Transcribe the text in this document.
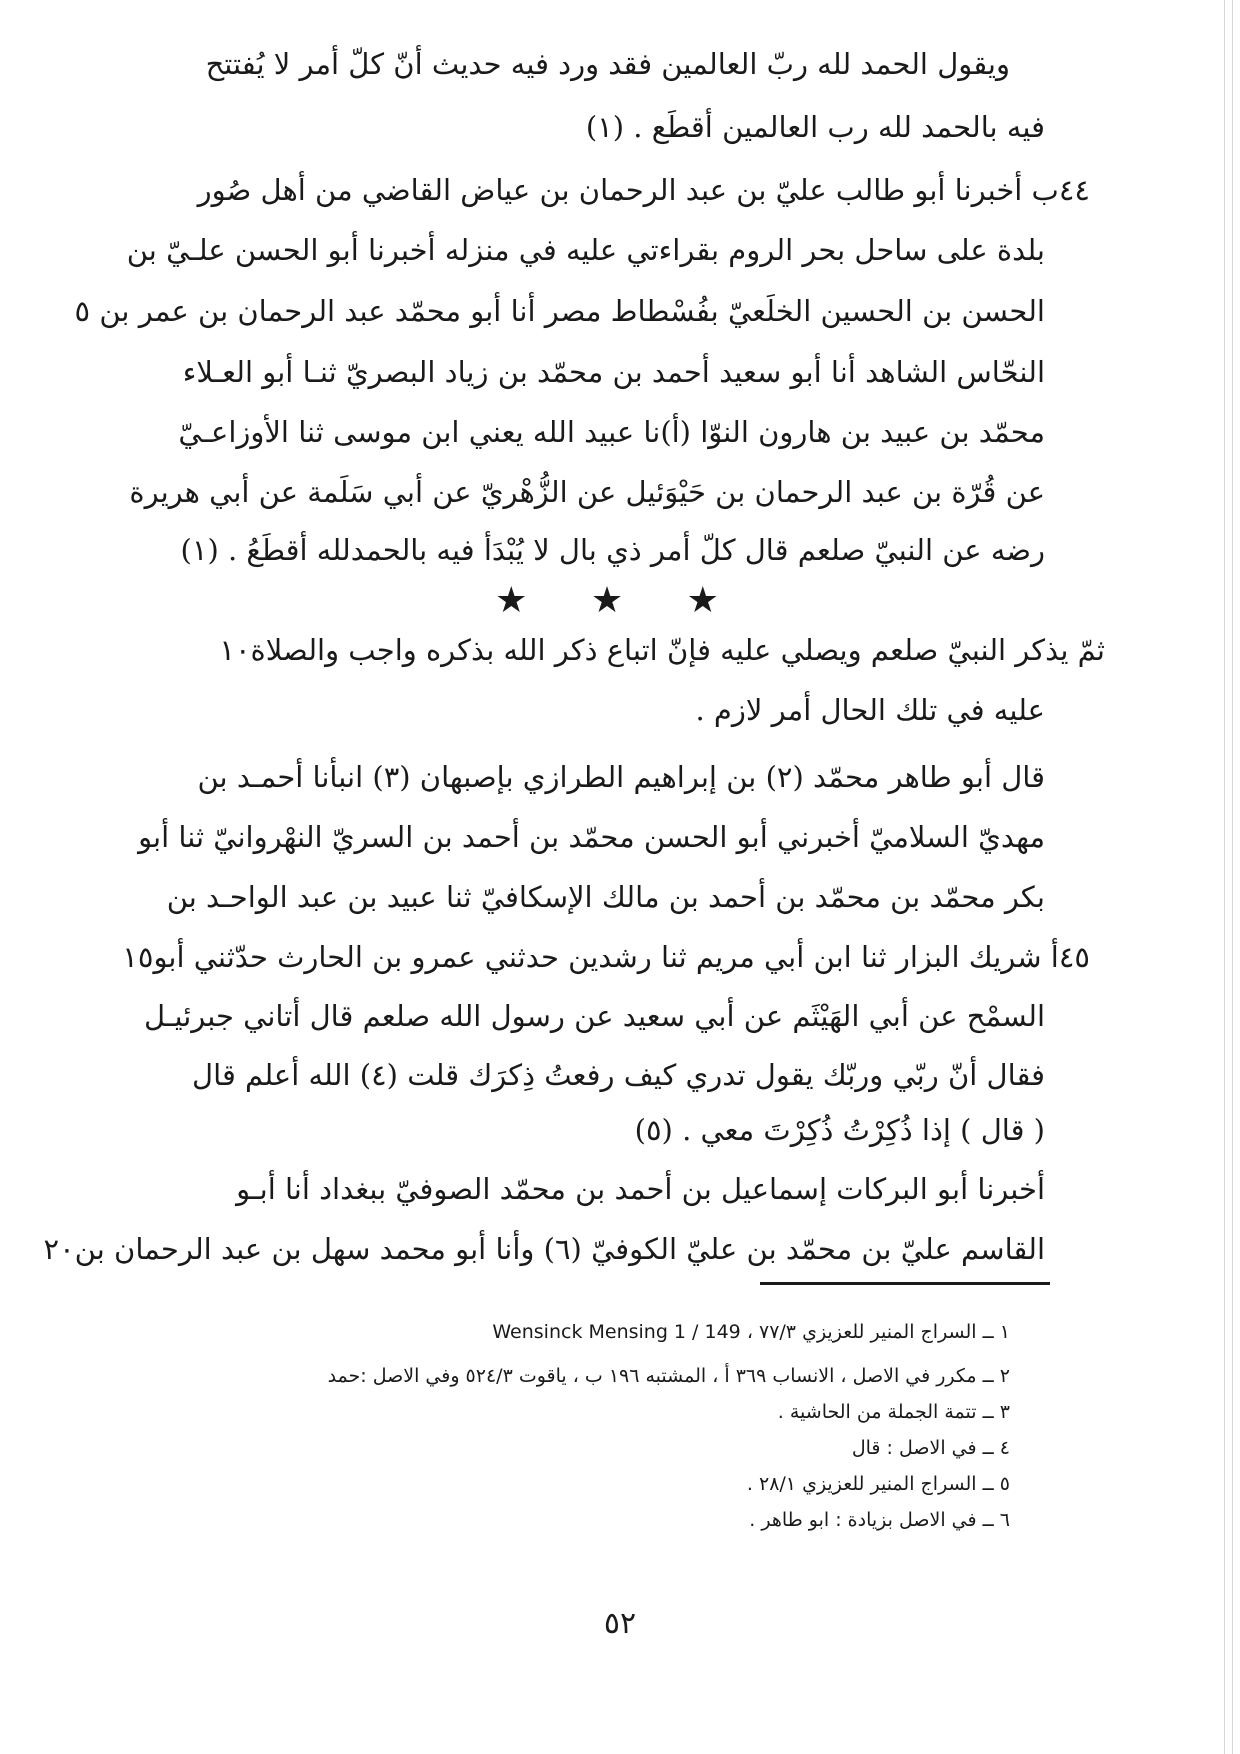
ويقول الحمد لله ربّ العالمين فقد ورد فيه حديث أنّ كلّ أمر لا يُفتتح
فيه بالحمد لله رب العالمين أقطَع . (١)
٤٤ب أخبرنا أبو طالب عليّ بن عبد الرحمان بن عياض القاضي من أهل صُور
بلدة على ساحل بحر الروم بقراءتي عليه في منزله أخبرنا أبو الحسن علـيّ بن
الحسن بن الحسين الخلَعيّ بفُسْطاط مصر أنا أبو محمّد عبد الرحمان بن عمر بن ٥
النحّاس الشاهد أنا أبو سعيد أحمد بن محمّد بن زياد البصريّ ثنـا أبو العـلاء
محمّد بن عبيد بن هارون النوّا (أ)نا عبيد الله يعني ابن موسى ثنا الأوزاعـيّ
عن قُرّة بن عبد الرحمان بن حَيْوَئيل عن الزُّهْريّ عن أبي سَلَمة عن أبي هريرة
رضه عن النبيّ صلعم قال كلّ أمر ذي بال لا يُبْدَأ فيه بالحمدلله أقطَعُ . (١)
★ ★ ★
ثمّ يذكر النبيّ صلعم ويصلي عليه فإنّ اتباع ذكر الله بذكره واجب والصلاة١٠
عليه في تلك الحال أمر لازم .
قال أبو طاهر محمّد (٢) بن إبراهيم الطرازي بإصبهان (٣) انبأنا أحمـد بن
مهديّ السلاميّ أخبرني أبو الحسن محمّد بن أحمد بن السريّ النهْروانيّ ثنا أبو
بكر محمّد بن محمّد بن أحمد بن مالك الإسكافيّ ثنا عبيد بن عبد الواحـد بن
٤٥أ شريك البزار ثنا ابن أبي مريم ثنا رشدين حدثني عمرو بن الحارث حدّثني أبو١٥
السمْح عن أبي الهَيْثَم عن أبي سعيد عن رسول الله صلعم قال أتاني جبرئيـل
فقال أنّ ربّي وربّك يقول تدري كيف رفعتُ ذِكرَك قلت (٤) الله أعلم قال
( قال ) إذا ذُكِرْتُ ذُكِرْتَ معي . (٥)
أخبرنا أبو البركات إسماعيل بن أحمد بن محمّد الصوفيّ ببغداد أنا أبـو
القاسم عليّ بن محمّد بن عليّ الكوفيّ (٦) وأنا أبو محمد سهل بن عبد الرحمان بن٢٠
١ ــ السراج المنير للعزيزي ٧٧/٣ ، Wensinck Mensing 1 / 149
٢ ــ مكرر في الاصل ، الانساب ٣٦٩ أ ، المشتبه ١٩٦ ب ، ياقوت ٥٢٤/٣ وفي الاصل :حمد
٣ ــ تتمة الجملة من الحاشية .
٤ ــ في الاصل : قال
٥ ــ السراج المنير للعزيزي ٢٨/١ .
٦ ــ في الاصل بزيادة : ابو طاهر .
٥٢
